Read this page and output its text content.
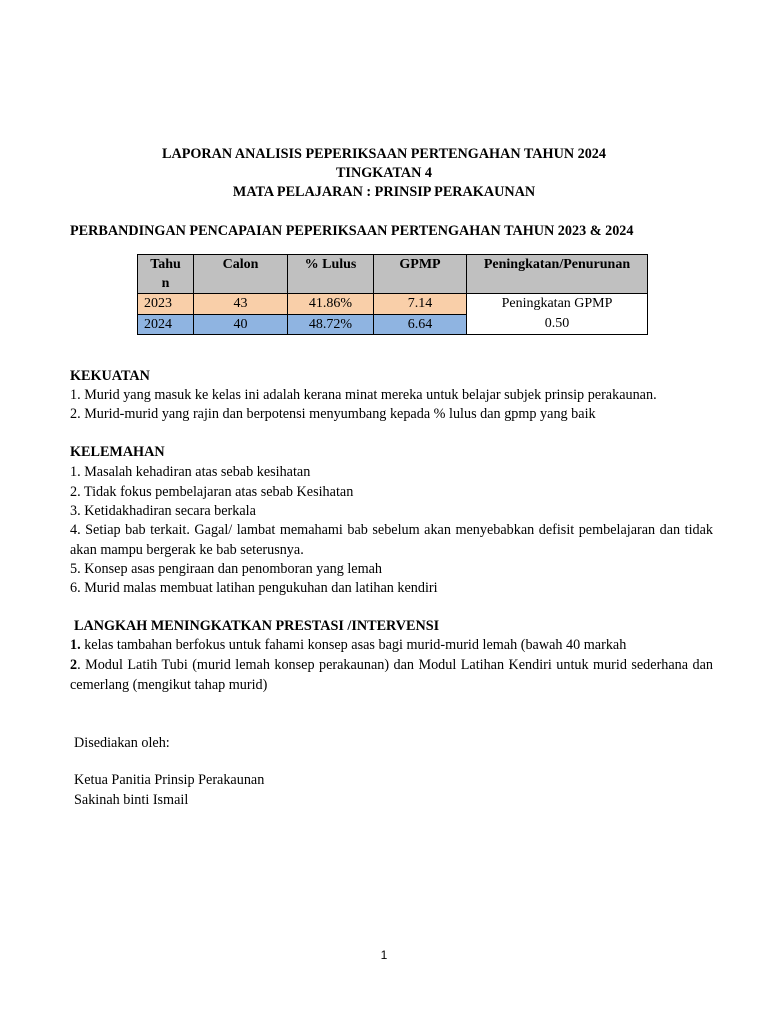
LAPORAN ANALISIS PEPERIKSAAN PERTENGAHAN TAHUN 2024
TINGKATAN 4
MATA PELAJARAN : PRINSIP PERAKAUNAN
PERBANDINGAN PENCAPAIAN PEPERIKSAAN PERTENGAHAN TAHUN 2023 & 2024
Tahu
n	Calon	% Lulus	GPMP	Peningkatan/Penurunan
2023	43	41.86%	7.14	Peningkatan GPMP
0.50
2024	40	48.72%	6.64	
KEKUATAN
1. Murid yang masuk ke kelas ini adalah kerana minat mereka untuk belajar subjek prinsip perakaunan.
2. Murid-murid yang rajin dan berpotensi menyumbang kepada % lulus dan gpmp yang baik
KELEMAHAN
1. Masalah kehadiran atas sebab kesihatan
2. Tidak fokus pembelajaran atas sebab Kesihatan
3. Ketidakhadiran secara berkala
4. Setiap bab terkait. Gagal/ lambat memahami bab sebelum akan menyebabkan defisit pembelajaran dan tidak akan mampu bergerak ke bab seterusnya.
5. Konsep asas pengiraan dan penomboran yang lemah
6. Murid malas membuat latihan pengukuhan dan latihan kendiri
LANGKAH MENINGKATKAN PRESTASI /INTERVENSI
1. kelas tambahan berfokus untuk fahami konsep asas bagi murid-murid lemah (bawah 40 markah
2. Modul Latih Tubi (murid lemah konsep perakaunan) dan Modul Latihan Kendiri untuk murid sederhana dan cemerlang (mengikut tahap murid)
Disediakan oleh:
Ketua Panitia Prinsip Perakaunan
Sakinah binti Ismail
1
